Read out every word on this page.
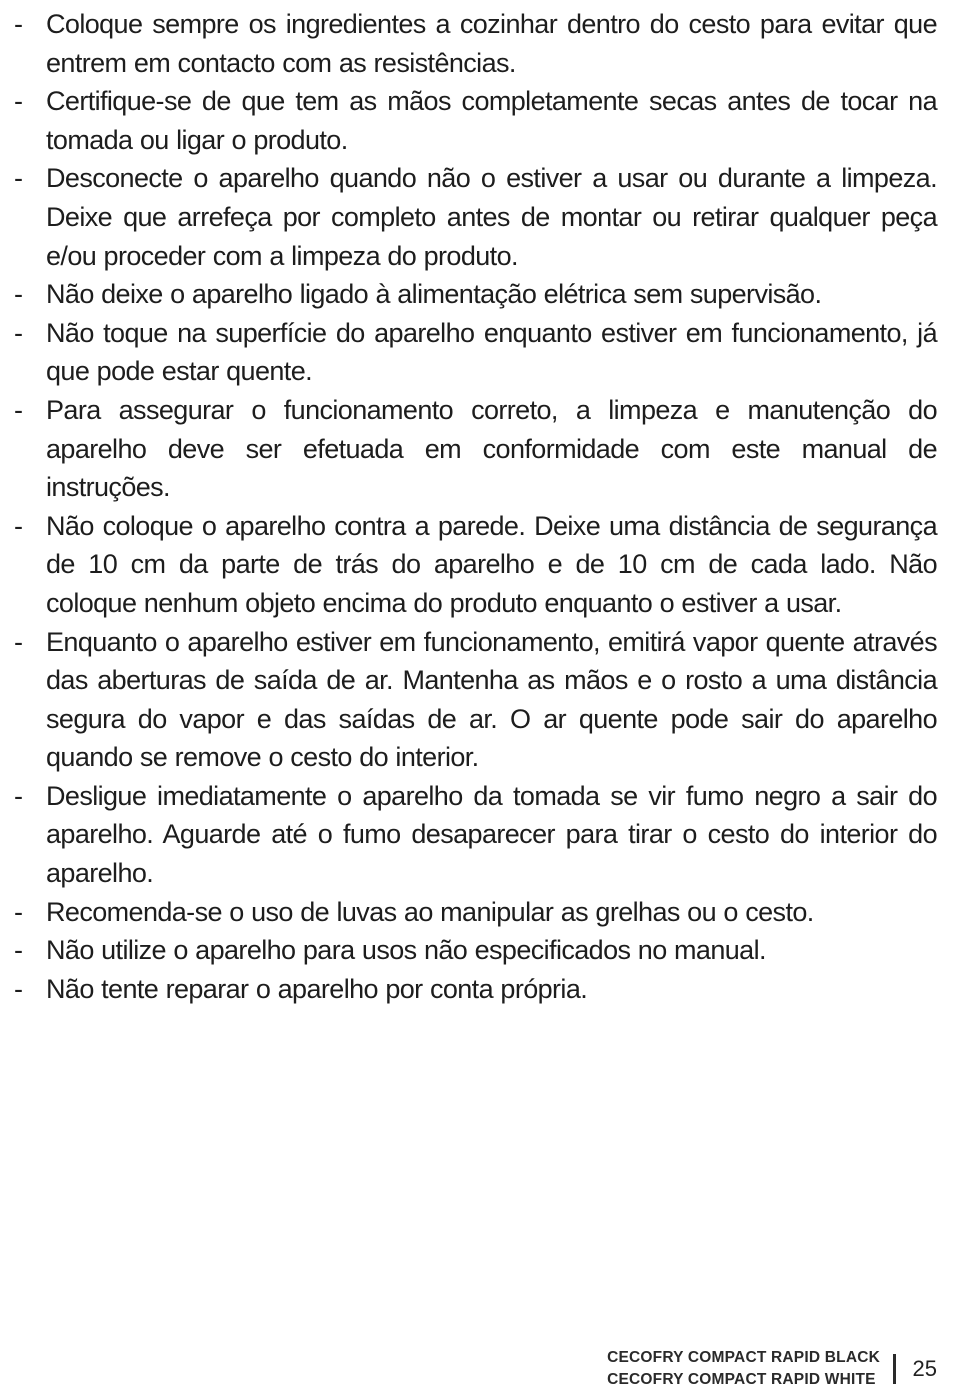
- Coloque sempre os ingredientes a cozinhar dentro do cesto para evitar que entrem em contacto com as resistências.
- Certifique-se de que tem as mãos completamente secas antes de tocar na tomada ou ligar o produto.
- Desconecte o aparelho quando não o estiver a usar ou durante a limpeza. Deixe que arrefeça por completo antes de montar ou retirar qualquer peça e/ou proceder com a limpeza do produto.
- Não deixe o aparelho ligado à alimentação elétrica sem supervisão.
- Não toque na superfície do aparelho enquanto estiver em funcionamento, já que pode estar quente.
- Para assegurar o funcionamento correto, a limpeza e manutenção do aparelho deve ser efetuada em conformidade com este manual de instruções.
- Não coloque o aparelho contra a parede. Deixe uma distância de segurança de 10 cm da parte de trás do aparelho e de 10 cm de cada lado. Não coloque nenhum objeto encima do produto enquanto o estiver a usar.
- Enquanto o aparelho estiver em funcionamento, emitirá vapor quente através das aberturas de saída de ar. Mantenha as mãos e o rosto a uma distância segura do vapor e das saídas de ar. O ar quente pode sair do aparelho quando se remove o cesto do interior.
- Desligue imediatamente o aparelho da tomada se vir fumo negro a sair do aparelho. Aguarde até o fumo desaparecer para tirar o cesto do interior do aparelho.
- Recomenda-se o uso de luvas ao manipular as grelhas ou o cesto.
- Não utilize o aparelho para usos não especificados no manual.
- Não tente reparar o aparelho por conta própria.
CECOFRY COMPACT RAPID BLACK
CECOFRY COMPACT RAPID WHITE 25
